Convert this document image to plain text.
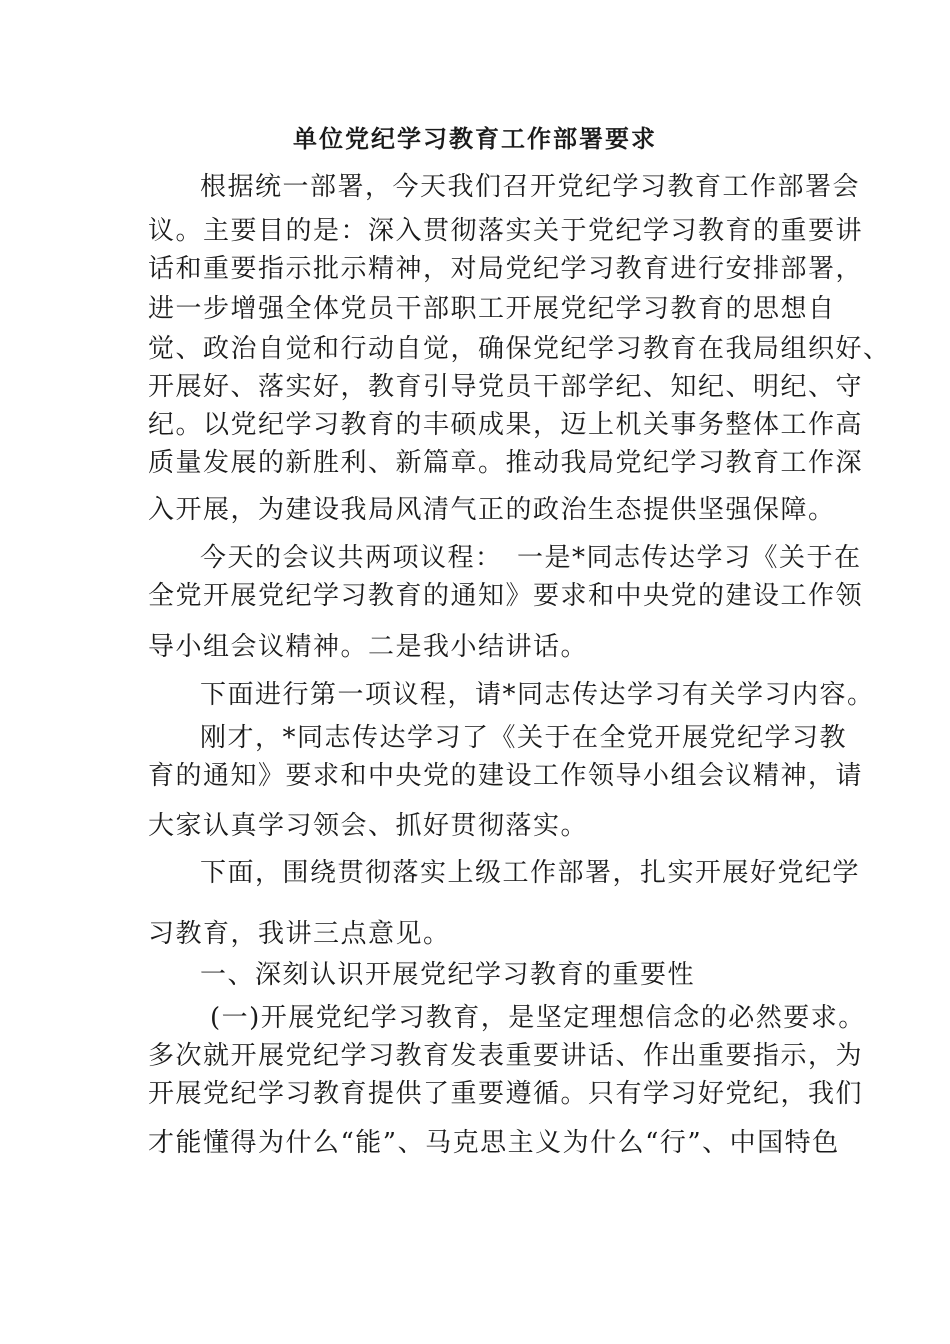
单位党纪学习教育工作部署要求
根据统一部署，今天我们召开党纪学习教育工作部署会
议。主要目的是：深入贯彻落实关于党纪学习教育的重要讲
话和重要指示批示精神，对局党纪学习教育进行安排部署，
进一步增强全体党员干部职工开展党纪学习教育的思想自
觉、政治自觉和行动自觉，确保党纪学习教育在我局组织好、
开展好、落实好，教育引导党员干部学纪、知纪、明纪、守
纪。以党纪学习教育的丰硕成果，迈上机关事务整体工作高
质量发展的新胜利、新篇章。推动我局党纪学习教育工作深
入开展，为建设我局风清气正的政治生态提供坚强保障。
今天的会议共两项议程：　一是*同志传达学习《关于在
全党开展党纪学习教育的通知》要求和中央党的建设工作领
导小组会议精神。二是我小结讲话。
下面进行第一项议程，请*同志传达学习有关学习内容。
刚才，*同志传达学习了《关于在全党开展党纪学习教
育的通知》要求和中央党的建设工作领导小组会议精神，请
大家认真学习领会、抓好贯彻落实。
下面，围绕贯彻落实上级工作部署，扎实开展好党纪学
习教育，我讲三点意见。
一、深刻认识开展党纪学习教育的重要性
(一)开展党纪学习教育，是坚定理想信念的必然要求。
多次就开展党纪学习教育发表重要讲话、作出重要指示，为
开展党纪学习教育提供了重要遵循。只有学习好党纪，我们
才能懂得为什么“能”、马克思主义为什么“行”、中国特色
